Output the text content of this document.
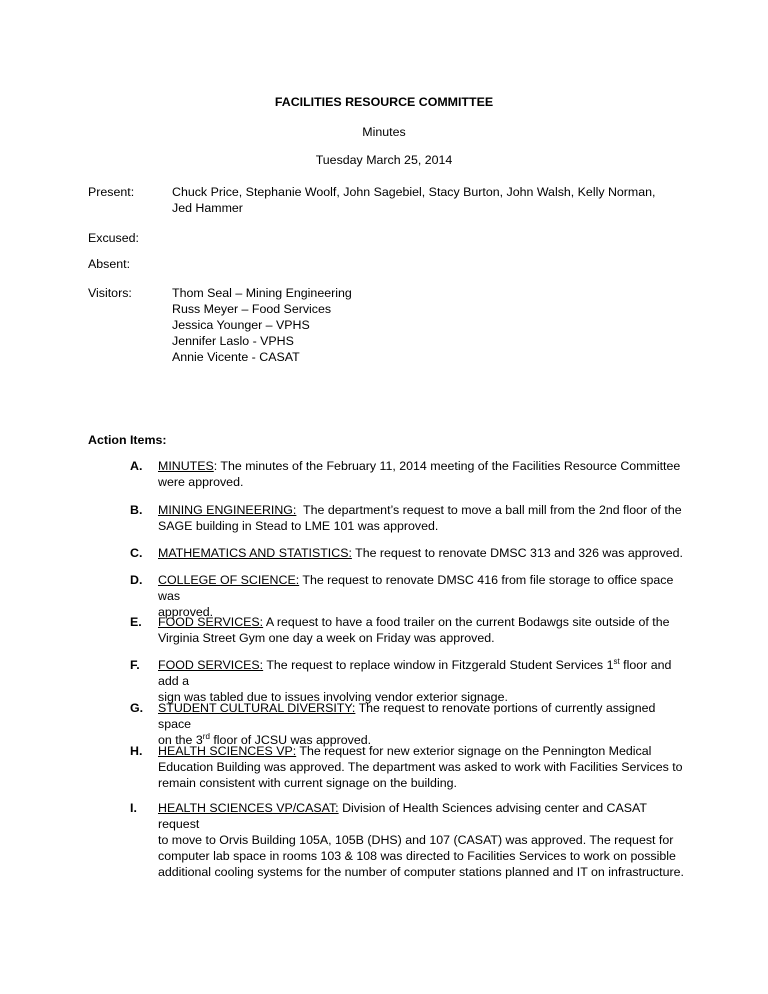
FACILITIES RESOURCE COMMITTEE
Minutes
Tuesday March 25, 2014
Present:	Chuck Price, Stephanie Woolf, John Sagebiel, Stacy Burton, John Walsh, Kelly Norman,
Jed Hammer
Excused:
Absent:
Visitors:	Thom Seal – Mining Engineering
Russ Meyer – Food Services
Jessica Younger – VPHS
Jennifer Laslo - VPHS
Annie Vicente - CASAT
Action Items:
A. MINUTES: The minutes of the February 11, 2014 meeting of the Facilities Resource Committee
were approved.
B. MINING ENGINEERING:  The department’s request to move a ball mill from the 2nd floor of the
SAGE building in Stead to LME 101 was approved.
C. MATHEMATICS AND STATISTICS: The request to renovate DMSC 313 and 326 was approved.
D. COLLEGE OF SCIENCE: The request to renovate DMSC 416 from file storage to office space was
approved.
E. FOOD SERVICES: A request to have a food trailer on the current Bodawgs site outside of the
Virginia Street Gym one day a week on Friday was approved.
F. FOOD SERVICES: The request to replace window in Fitzgerald Student Services 1st floor and add a
sign was tabled due to issues involving vendor exterior signage.
G. STUDENT CULTURAL DIVERSITY: The request to renovate portions of currently assigned space
on the 3rd floor of JCSU was approved.
H. HEALTH SCIENCES VP: The request for new exterior signage on the Pennington Medical
Education Building was approved. The department was asked to work with Facilities Services to
remain consistent with current signage on the building.
I. HEALTH SCIENCES VP/CASAT: Division of Health Sciences advising center and CASAT request
to move to Orvis Building 105A, 105B (DHS) and 107 (CASAT) was approved. The request for
computer lab space in rooms 103 & 108 was directed to Facilities Services to work on possible
additional cooling systems for the number of computer stations planned and IT on infrastructure.
